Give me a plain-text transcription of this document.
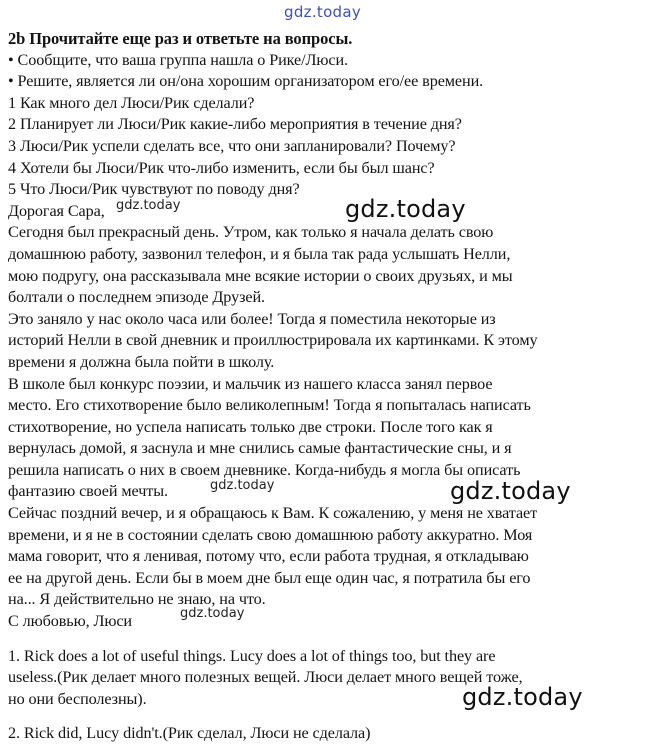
gdz.today
gdz.today	gdz.today
gdz.today	gdz.today
gdz.today
gdz.today
2b Прочитайте еще раз и ответьте на вопросы.
• Сообщите, что ваша группа нашла о Рике/Люси.
• Решите, является ли он/она хорошим организатором его/ее времени.
1 Как много дел Люси/Рик сделали?
2 Планирует ли Люси/Рик какие-либо мероприятия в течение дня?
3 Люси/Рик успели сделать все, что они запланировали? Почему?
4 Хотели бы Люси/Рик что-либо изменить, если бы был шанс?
5 Что Люси/Рик чувствуют по поводу дня?
Дорогая Сара,
Сегодня был прекрасный день. Утром, как только я начала делать свою
домашнюю работу, зазвонил телефон, и я была так рада услышать Нелли,
мою подругу, она рассказывала мне всякие истории о своих друзьях, и мы
болтали о последнем эпизоде Друзей.
Это заняло у нас около часа или более! Тогда я поместила некоторые из
историй Нелли в свой дневник и проиллюстрировала их картинками. К этому
времени я должна была пойти в школу.
В школе был конкурс поэзии, и мальчик из нашего класса занял первое
место. Его стихотворение было великолепным! Тогда я попыталась написать
стихотворение, но успела написать только две строки. После того как я
вернулась домой, я заснула и мне снились самые фантастические сны, и я
решила написать о них в своем дневнике. Когда-нибудь я могла бы описать
фантазию своей мечты.
Сейчас поздний вечер, и я обращаюсь к Вам. К сожалению, у меня не хватает
времени, и я не в состоянии сделать свою домашнюю работу аккуратно. Моя
мама говорит, что я ленивая, потому что, если работа трудная, я откладываю
ее на другой день. Если бы в моем дне был еще один час, я потратила бы его
на... Я действительно не знаю, на что.
С любовью, Люси
1. Rick does a lot of useful things. Lucy does a lot of things too, but they are
useless.(Рик делает много полезных вещей. Люси делает много вещей тоже,
но они бесполезны).
2. Rick did, Lucy didn't.(Рик сделал, Люси не сделала)
